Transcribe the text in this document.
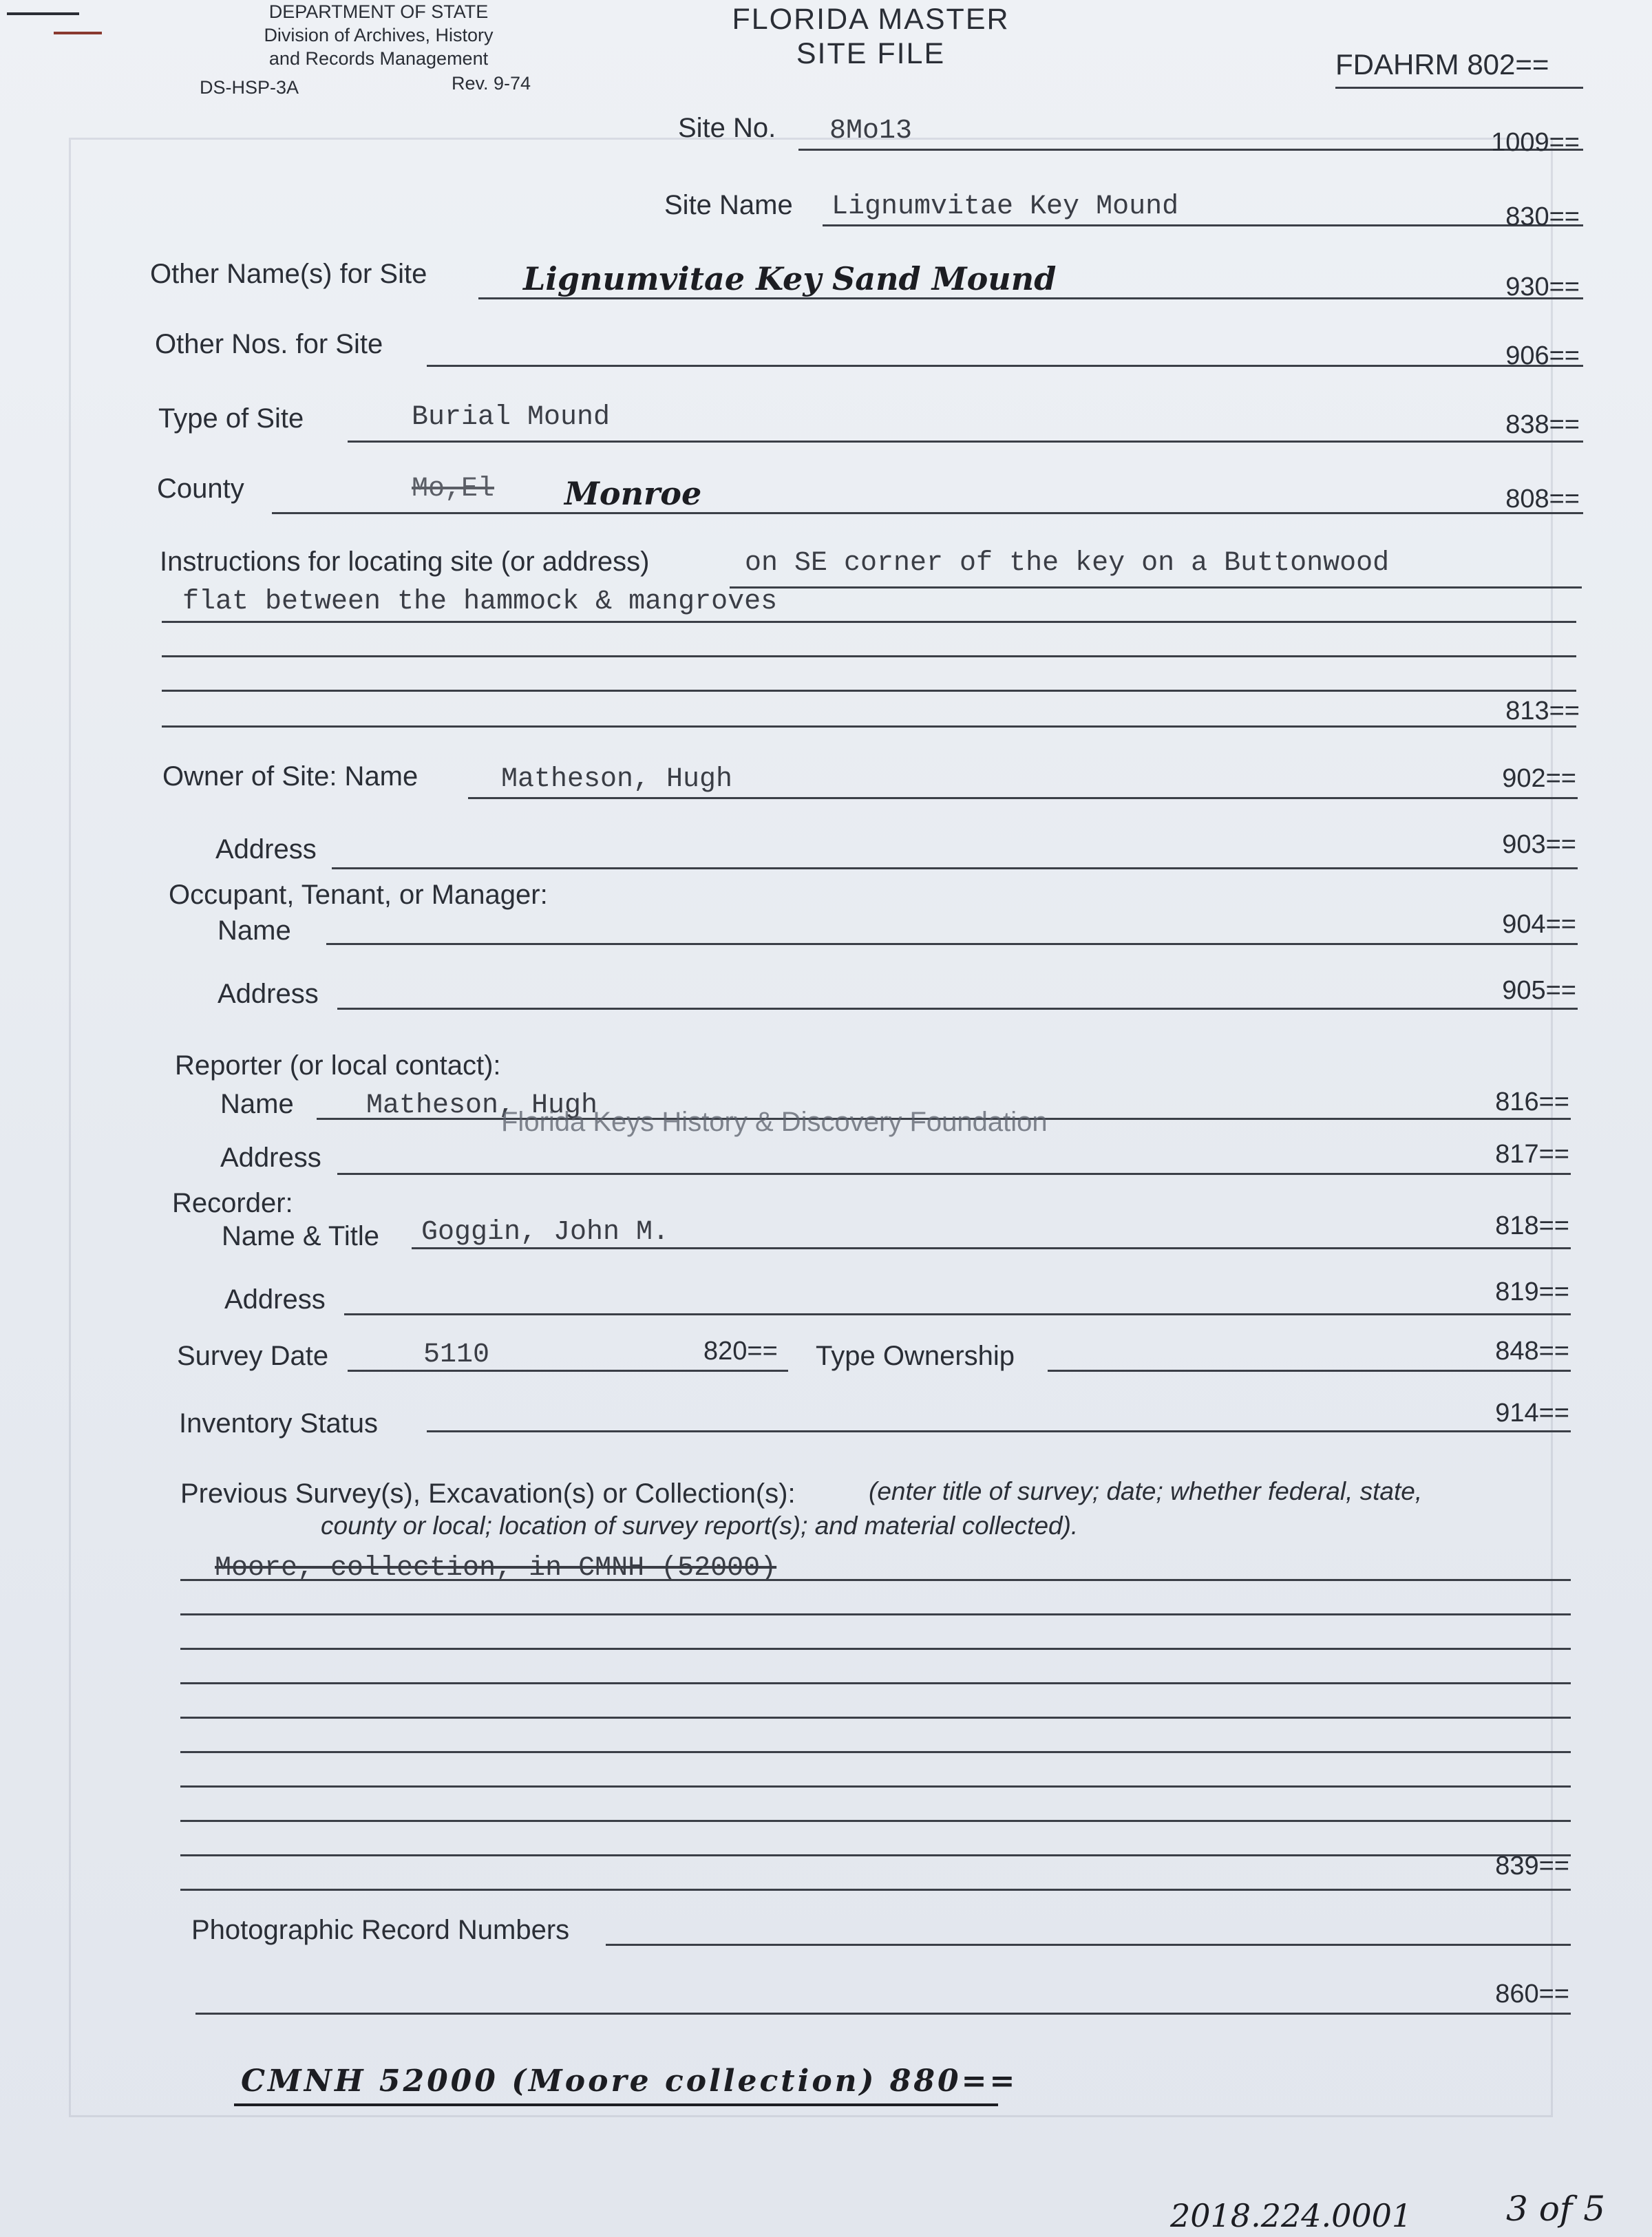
DEPARTMENT OF STATE
Division of Archives, History
and Records Management
DS-HSP-3A	Rev. 9-74
FLORIDA MASTER
SITE FILE	FDAHRM 802==
Site No. 8Mo13	1009==
Site Name Lignumvitae Key Mound	830==
Other Name(s) for Site	Lignumvitae Key Sand Mound	930==
Other Nos. for Site	906==
Type of Site	Burial Mound	838==
County	Mo,El Monroe	808==
Instructions for locating site (or address)	on SE corner of the key on a Buttonwood
flat between the hammock & mangroves
813==
Owner of Site: Name	Matheson, Hugh	902==
Address	903==
Occupant, Tenant, or Manager:
Name	904==
Address	905==
Reporter (or local contact):
Name	Matheson, Hugh	816==
Florida Keys History & Discovery Foundation
Address	817==
Recorder:
Name & Title Goggin, John M.	818==
Address	819==
Survey Date	5110	820== Type Ownership	848==
Inventory Status	914==
Previous Survey(s), Excavation(s) or Collection(s):	(enter title of survey; date; whether federal, state,
county or local; location of survey report(s); and material collected).
Moore, collection, in CMNH (52000)
839==
Photographic Record Numbers
860==
CMNH 52000 (Moore collection) 880==
2018.224.0001	3 of 5
